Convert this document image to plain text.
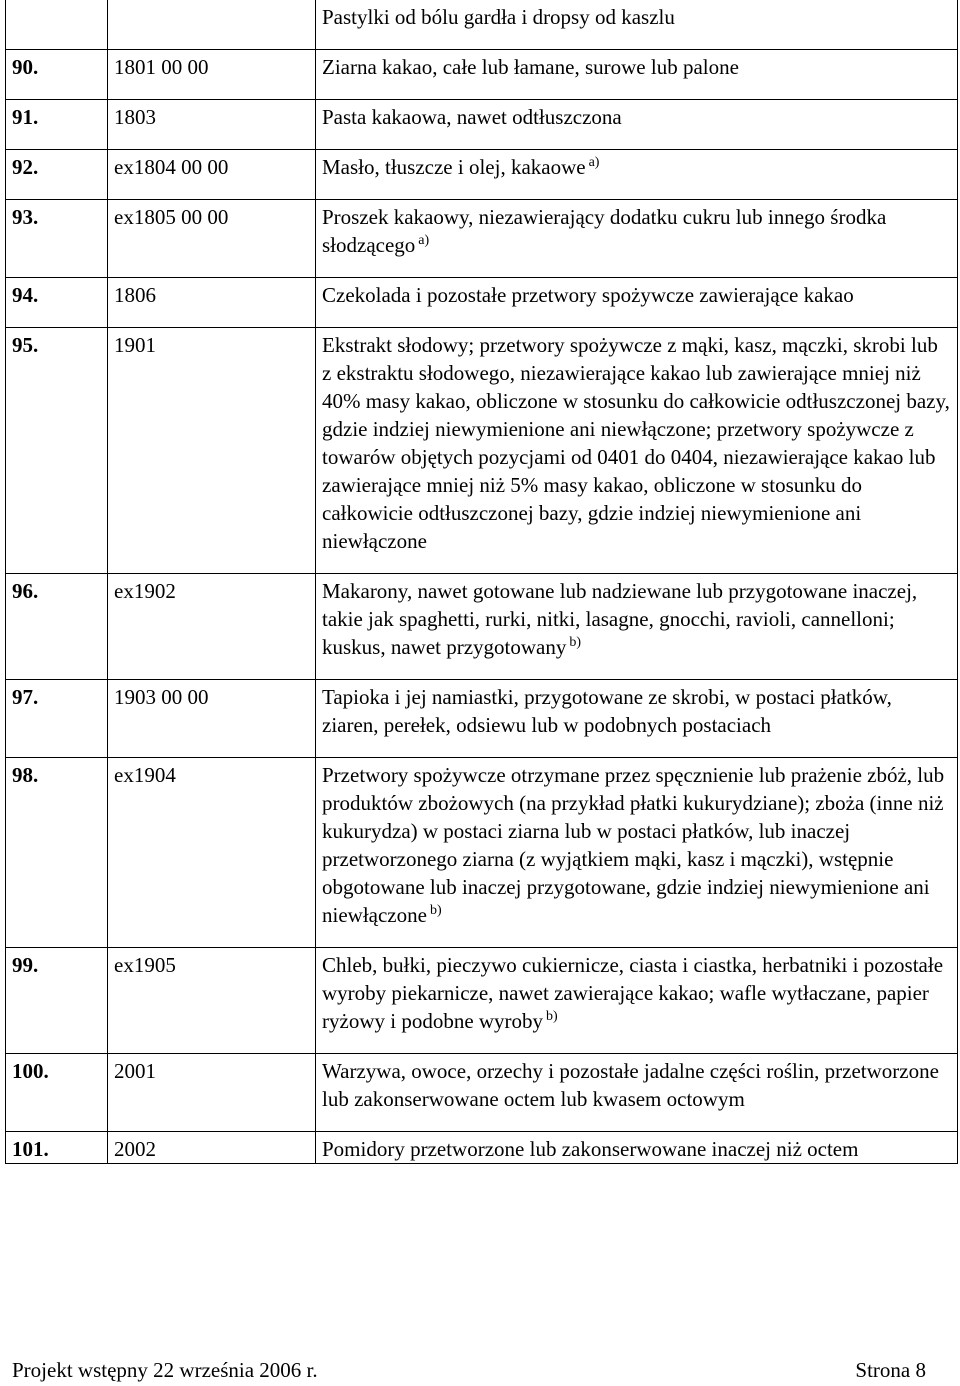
		Pastylki od bólu gardła i dropsy od kaszlu
90.	1801 00 00	Ziarna kakao, całe lub łamane, surowe lub palone
91.	1803	Pasta kakaowa, nawet odtłuszczona
92.	ex1804 00 00	Masło, tłuszcze i olej, kakaowe $^{a)}$
93.	ex1805 00 00	Proszek kakaowy, niezawierający dodatku cukru lub innego środka słodzącego $^{a)}$
94.	1806	Czekolada i pozostałe przetwory spożywcze zawierające kakao
95.	1901	Ekstrakt słodowy; przetwory spożywcze z mąki, kasz, mączki, skrobi lub z ekstraktu słodowego, niezawierające kakao lub zawierające mniej niż 40% masy kakao, obliczone w stosunku do całkowicie odtłuszczonej bazy, gdzie indziej niewymienione ani niewłączone; przetwory spożywcze z towarów objętych pozycjami od 0401 do 0404, niezawierające kakao lub zawierające mniej niż 5% masy kakao, obliczone w stosunku do całkowicie odtłuszczonej bazy, gdzie indziej niewymienione ani niewłączone
96.	ex1902	Makarony, nawet gotowane lub nadziewane lub przygotowane inaczej, takie jak spaghetti, rurki, nitki, lasagne, gnocchi, ravioli, cannelloni; kuskus, nawet przygotowany $^{b)}$
97.	1903 00 00	Tapioka i jej namiastki, przygotowane ze skrobi, w postaci płatków, ziaren, perełek, odsiewu lub w podobnych postaciach
98.	ex1904	Przetwory spożywcze otrzymane przez spęcznienie lub prażenie zbóż, lub produktów zbożowych (na przykład płatki kukurydziane); zboża (inne niż kukurydza) w postaci ziarna lub w postaci płatków, lub inaczej przetworzonego ziarna (z wyjątkiem mąki, kasz i mączki), wstępnie obgotowane lub inaczej przygotowane, gdzie indziej niewymienione ani niewłączone $^{b)}$
99.	ex1905	Chleb, bułki, pieczywo cukiernicze, ciasta i ciastka, herbatniki i pozostałe wyroby piekarnicze, nawet zawierające kakao; wafle wytłaczane, papier ryżowy i podobne wyroby $^{b)}$
100.	2001	Warzywa, owoce, orzechy i pozostałe jadalne części roślin, przetworzone lub zakonserwowane octem lub kwasem octowym
101.	2002	Pomidory przetworzone lub zakonserwowane inaczej niż octem
Projekt wstępny 22 września 2006 r.	Strona 8
